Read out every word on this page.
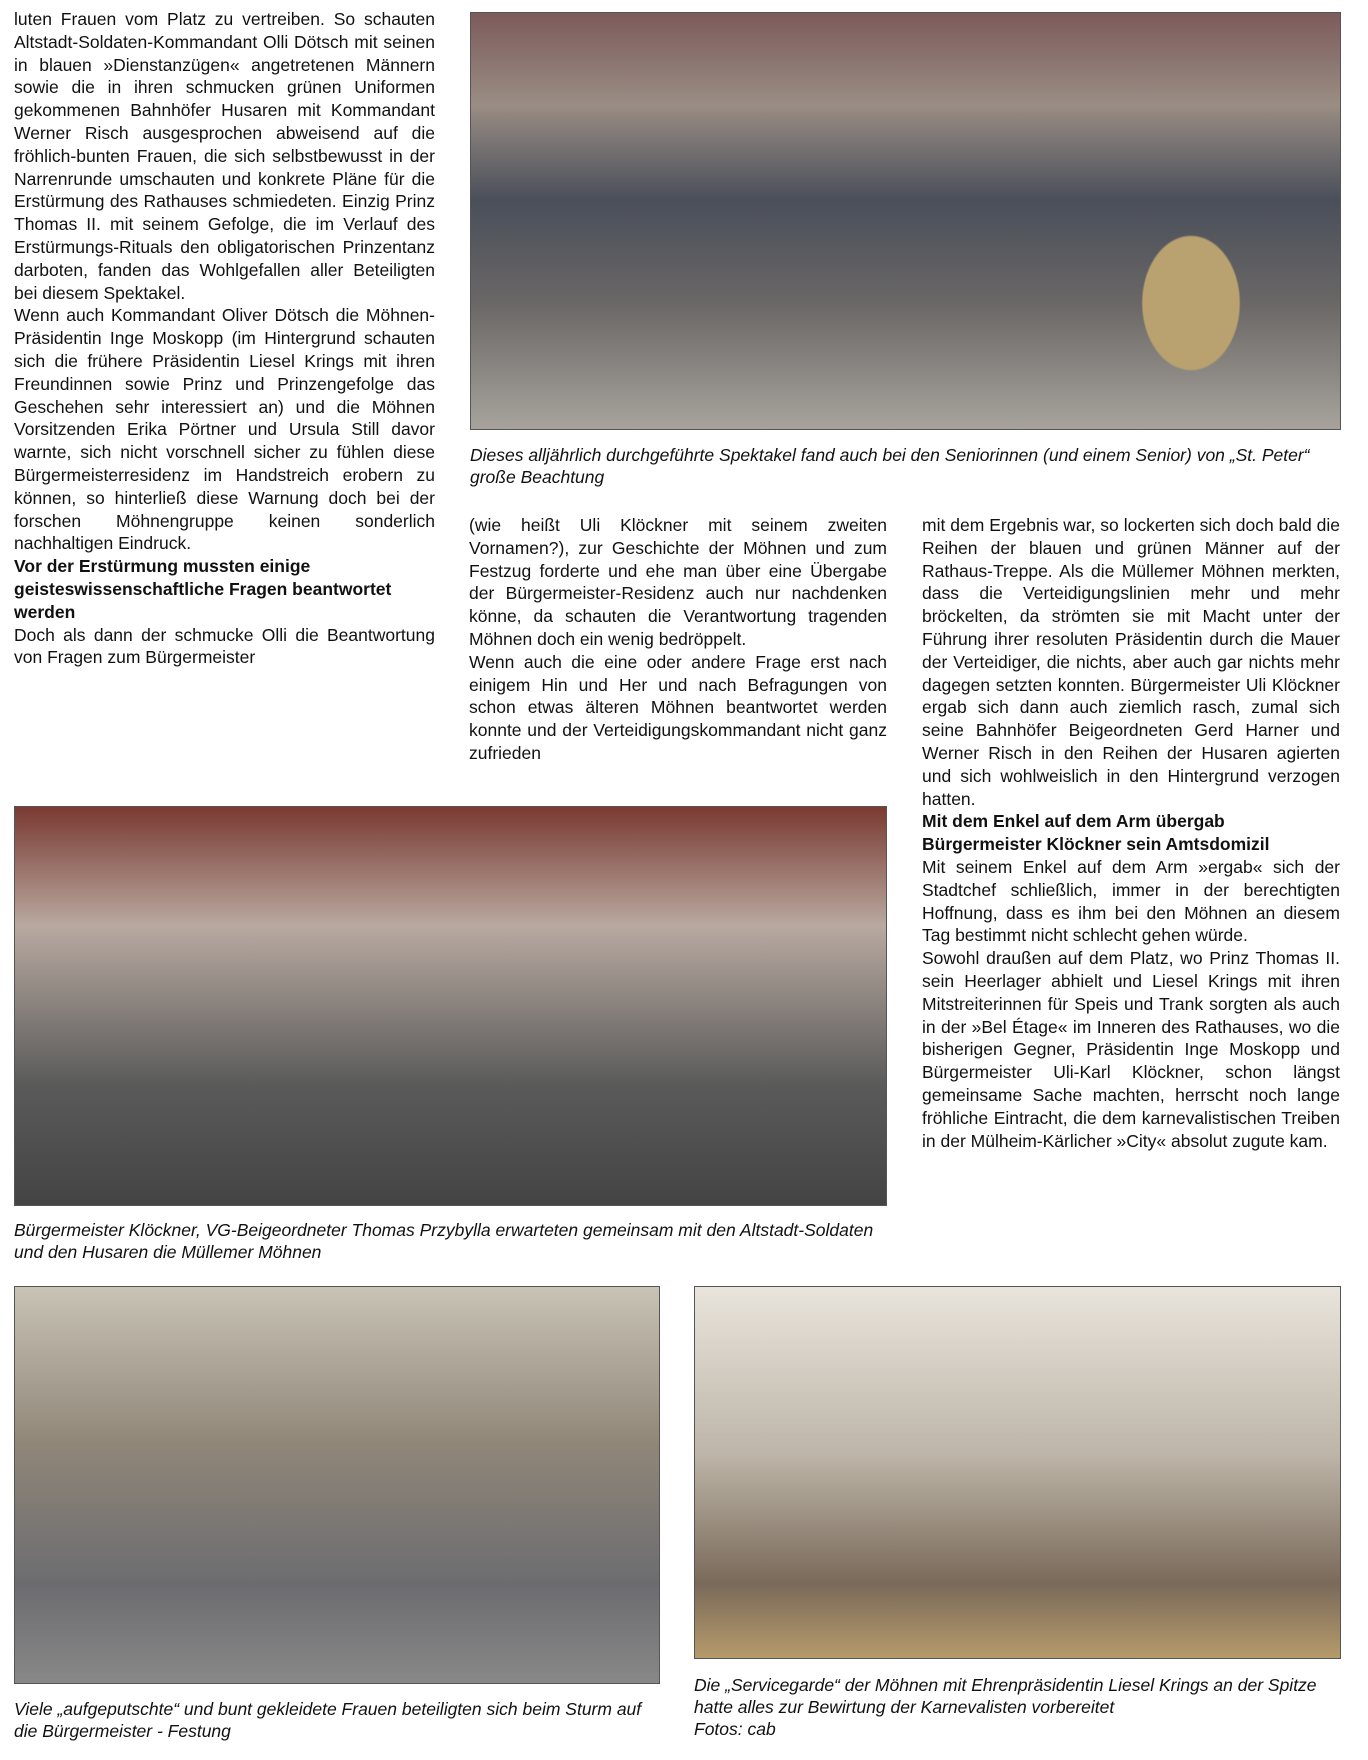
luten Frauen vom Platz zu vertreiben. So schauten Altstadt-Soldaten-Kommandant Olli Dötsch mit seinen in blauen »Dienstanzügen« angetretenen Männern sowie die in ihren schmucken grünen Uniformen gekommenen Bahnhöfer Husaren mit Kommandant Werner Risch ausgesprochen abweisend auf die fröhlich-bunten Frauen, die sich selbstbewusst in der Narrenrunde umschauten und konkrete Pläne für die Erstürmung des Rathauses schmiedeten. Einzig Prinz Thomas II. mit seinem Gefolge, die im Verlauf des Erstürmungs-Rituals den obligatorischen Prinzentanz darboten, fanden das Wohlgefallen aller Beteiligten bei diesem Spektakel.

Wenn auch Kommandant Oliver Dötsch die Möhnen-Präsidentin Inge Moskopp (im Hintergrund schauten sich die frühere Präsidentin Liesel Krings mit ihren Freundinnen sowie Prinz und Prinzengefolge das Geschehen sehr interessiert an) und die Möhnen Vorsitzenden Erika Pörtner und Ursula Still davor warnte, sich nicht vorschnell sicher zu fühlen diese Bürgermeisterresidenz im Handstreich erobern zu können, so hinterließ diese Warnung doch bei der forschen Möhnengruppe keinen sonderlich nachhaltigen Eindruck.

Vor der Erstürmung mussten einige geisteswissenschaftliche Fragen beantwortet werden

Doch als dann der schmucke Olli die Beantwortung von Fragen zum Bürgermeister

Dieses alljährlich durchgeführte Spektakel fand auch bei den Seniorinnen (und einem Senior) von „St. Peter“ große Beachtung

(wie heißt Uli Klöckner mit seinem zweiten Vornamen?), zur Geschichte der Möhnen und zum Festzug forderte und ehe man über eine Übergabe der Bürgermeister-Residenz auch nur nachdenken könne, da schauten die Verantwortung tragenden Möhnen doch ein wenig bedröppelt.

Wenn auch die eine oder andere Frage erst nach einigem Hin und Her und nach Befragungen von schon etwas älteren Möhnen beantwortet werden konnte und der Verteidigungskommandant nicht ganz zufrieden

mit dem Ergebnis war, so lockerten sich doch bald die Reihen der blauen und grünen Männer auf der Rathaus-Treppe. Als die Müllemer Möhnen merkten, dass die Verteidigungslinien mehr und mehr bröckelten, da strömten sie mit Macht unter der Führung ihrer resoluten Präsidentin durch die Mauer der Verteidiger, die nichts, aber auch gar nichts mehr dagegen setzten konnten. Bürgermeister Uli Klöckner ergab sich dann auch ziemlich rasch, zumal sich seine Bahnhöfer Beigeordneten Gerd Harner und Werner Risch in den Reihen der Husaren agierten und sich wohlweislich in den Hintergrund verzogen hatten.

Mit dem Enkel auf dem Arm übergab Bürgermeister Klöckner sein Amtsdomizil

Mit seinem Enkel auf dem Arm »ergab« sich der Stadtchef schließlich, immer in der berechtigten Hoffnung, dass es ihm bei den Möhnen an diesem Tag bestimmt nicht schlecht gehen würde.

Sowohl draußen auf dem Platz, wo Prinz Thomas II. sein Heerlager abhielt und Liesel Krings mit ihren Mitstreiterinnen für Speis und Trank sorgten als auch in der »Bel Étage« im Inneren des Rathauses, wo die bisherigen Gegner, Präsidentin Inge Moskopp und Bürgermeister Uli-Karl Klöckner, schon längst gemeinsame Sache machten, herrscht noch lange fröhliche Eintracht, die dem karnevalistischen Treiben in der Mülheim-Kärlicher »City« absolut zugute kam.

Bürgermeister Klöckner, VG-Beigeordneter Thomas Przybylla erwarteten gemeinsam mit den Altstadt-Soldaten und den Husaren die Müllemer Möhnen
Viele „aufgeputschte“ und bunt gekleidete Frauen beteiligten sich beim Sturm auf die Bürgermeister - Festung
Die „Servicegarde“ der Möhnen mit Ehrenpräsidentin Liesel Krings an der Spitze hatte alles zur Bewirtung der Karnevalisten vorbereitet
Fotos: cab
